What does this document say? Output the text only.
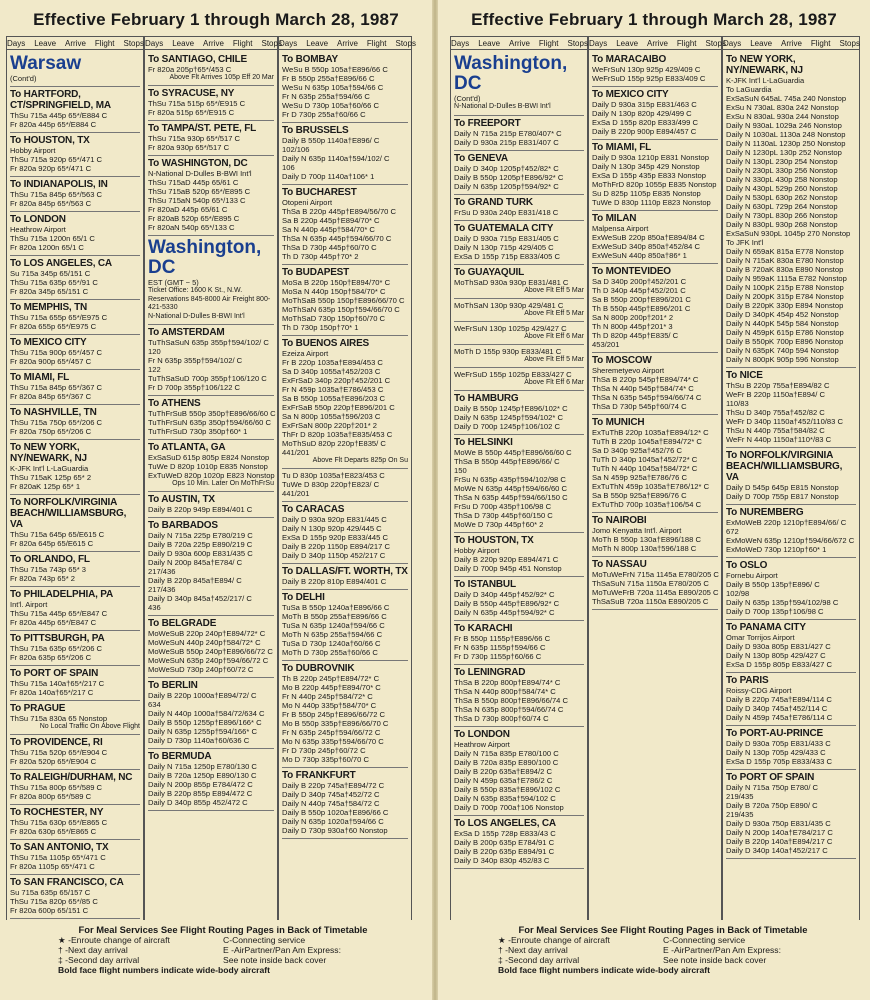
Effective February 1 through March 28, 1987
Days Leave Arrive Flight Stops Days Leave Arrive Flight Stops
Days Leave Arrive Flight Stops
Warsaw
(Cont'd)
To HARTFORD, CT/SPRINGFIELD, MA
ThSu 715a 445p 65*/E884 C
Fr 820a 445p 65*/E884 C
To HOUSTON, TX
Hobby Airport
ThSu 715a 920p 65*/471 C
Fr 820a 920p 65*/471 C
To INDIANAPOLIS, IN
ThSu 715a 845p 65*/563 C
Fr 820a 845p 65*/563 C
To LONDON
Heathrow Airport
ThSu 715a 1200n 65/1 C
Fr 820a 1200n 65/1 C
To LOS ANGELES, CA
Su 715a 345p 65/151 C
ThSu 715a 635p 65*/91 C
Fr 820a 345p 65/151 C
To MEMPHIS, TN
ThSu 715a 655p 65*/E975 C
Fr 820a 655p 65*/E975 C
To MEXICO CITY
ThSu 715a 900p 65*/457 C
Fr 820a 900p 65*/457 C
To MIAMI, FL
ThSu 715a 845p 65*/367 C
Fr 820a 845p 65*/367 C
To NASHVILLE, TN
ThSu 715a 750p 65*/206 C
Fr 820a 750p 65*/206 C
To NEW YORK, NY/NEWARK, NJ
K-JFK Int'l L-LaGuardia
ThSu 715aK 125p 65* 2
Fr 820aK 125p 65* 1
To NORFOLK/VIRGINIA BEACH/WILLIAMSBURG, VA
ThSu 715a 645p 65/E615 C
Fr 820a 645p 65/E615 C
To ORLANDO, FL
ThSu 715a 743p 65* 3
Fr 820a 743p 65* 2
To PHILADELPHIA, PA
Int'l. Airport
ThSu 715a 445p 65*/E847 C
Fr 820a 445p 65*/E847 C
To PITTSBURGH, PA
ThSu 715a 635p 65*/206 C
Fr 820a 635p 65*/206 C
To PORT OF SPAIN
ThSu 715a 140a†65*/217 C
Fr 820a 140a†65*/217 C
To PRAGUE
ThSu 715a 830a 65 Nonstop
No Local Traffic On Above Flight
To PROVIDENCE, RI
ThSu 715a 520p 65*/E904 C
Fr 820a 520p 65*/E904 C
To RALEIGH/DURHAM, NC
ThSu 715a 800p 65*/589 C
Fr 820a 800p 65*/589 C
To ROCHESTER, NY
ThSu 715a 630p 65*/E865 C
Fr 820a 630p 65*/E865 C
To SAN ANTONIO, TX
ThSu 715a 1105p 65*/471 C
Fr 820a 1105p 65*/471 C
To SAN FRANCISCO, CA
Su 715a 635p 65/157 C
ThSu 715a 820p 65*/85 C
Fr 820a 600p 65/151 C
To SANTIAGO, CHILE
Fr 820a 205p†65*/453 C
Above Flt Arrives 105p Eff 20 Mar
To SYRACUSE, NY
ThSu 715a 515p 65*/E915 C
Fr 820a 515p 65*/E915 C
To TAMPA/ST. PETE, FL
ThSu 715a 930p 65*/517 C
Fr 820a 930p 65*/517 C
To WASHINGTON, DC
N-National D-Dulles B-BWI Int'l
ThSu 715aD 445p 65/61 C
ThSu 715aB 520p 65*/E895 C
ThSu 715aN 540p 65*/133 C
Fr 820aD 445p 65/61 C
Fr 820aB 520p 65*/E895 C
Fr 820aN 540p 65*/133 C
Washington, DC
EST (GMT − 5)
Ticket Office: 1600 K St., N.W.
Reservations 845-8000 Air Freight 800-421-5330
N-National D-Dulles B-BWI Int'l
To AMSTERDAM
TuThSaSuN 635p 355p†594/102/ C
120
Fr N 635p 355p†594/102/ C
122
TuThSaSuD 700p 355p†106/120 C
Fr D 700p 355p†106/122 C
To ATHENS
TuThFrSuB 550p 350p†E896/66/60 C
TuThFrSuN 635p 350p†594/66/60 C
TuThFrSuD 730p 350p†60* 1
To ATLANTA, GA
ExSaSuD 615p 805p E824 Nonstop
TuWe D 820p 1010p E835 Nonstop
ExTuWeD 820p 1020p E823 Nonstop
Ops 10 Min. Later On MoThFrSu
To AUSTIN, TX
Daily B 220p 949p E894/401 C
To BARBADOS
Daily N 715a 225p E780/219 C
Daily B 720a 225p E890/219 C
Daily D 930a 600p E831/435 C
Daily N 200p 845a†E784/ C
217/436
Daily B 220p 845a†E894/ C
217/436
Daily D 340p 845a†452/217/ C
436
To BELGRADE
MoWeSuB 220p 240p†E894/72* C
MoWeSuN 440p 240p†584/72* C
MoWeSuB 550p 240p†E896/66/72 C
MoWeSuN 635p 240p†594/66/72 C
MoWeSuD 730p 240p†60/72 C
To BERLIN
Daily B 220p 1000a†E894/72/ C
634
Daily N 440p 1000a†584/72/634 C
Daily B 550p 1255p†E896/166* C
Daily N 635p 1255p†594/166* C
Daily D 730p 1140a†60/636 C
To BERMUDA
Daily N 715a 1250p E780/130 C
Daily B 720a 1250p E890/130 C
Daily N 200p 855p E784/472 C
Daily B 220p 855p E894/472 C
Daily D 340p 855p 452/472 C
To BOMBAY
WeSu B 550p 105a†E896/66 C
Fr B 550p 255a†E896/66 C
WeSu N 635p 105a†594/66 C
Fr N 635p 255a†594/66 C
WeSu D 730p 105a†60/66 C
Fr D 730p 255a†60/66 C
To BRUSSELS
Daily B 550p 1140a†E896/ C
102/106
Daily N 635p 1140a†594/102/ C
106
Daily D 700p 1140a†106* 1
To BUCHAREST
Otopeni Airport
ThSa B 220p 445p†E894/56/70 C
Sa B 220p 445p†E894/70* C
Sa N 440p 445p†584/70* C
ThSa N 635p 445p†594/66/70 C
ThSa D 730p 445p†60/70 C
Th D 730p 445p†70* 2
To BUDAPEST
MoSa B 220p 150p†E894/70* C
MoSa N 440p 150p†584/70* C
MoThSaB 550p 150p†E896/66/70 C
MoThSaN 635p 150p†594/66/70 C
MoThSaD 730p 150p†60/70 C
Th D 730p 150p†70* 1
To BUENOS AIRES
Ezeiza Airport
Fr B 220p 1035a†E894/453 C
Sa D 340p 1055a†452/203 C
ExFrSaD 340p 220p†452/201 C
Fr N 459p 1035a†E786/453 C
Sa B 550p 1055a†E896/203 C
ExFrSaB 550p 220p†E896/201 C
Sa N 800p 1055a†596/203 C
ExFrSaN 800p 220p†201* 2
ThFr D 820p 1035a†E835/453 C
MoThSuD 820p 220p†E835/ C
441/201
Above Flt Departs 825p On Su
Tu D 830p 1035a†E823/453 C
TuWe D 830p 220p†E823/ C
441/201
To CARACAS
Daily D 930a 920p E831/445 C
Daily N 130p 920p 429/445 C
ExSa D 155p 920p E833/445 C
Daily B 220p 1150p E894/217 C
Daily D 340p 1150p 452/217 C
To DALLAS/FT. WORTH, TX
Daily B 220p 810p E894/401 C
To DELHI
TuSa B 550p 1240a†E896/66 C
MoTh B 550p 255a†E896/66 C
TuSa N 635p 1240a†594/66 C
MoTh N 635p 255a†594/66 C
TuSa D 730p 1240a†60/66 C
MoTh D 730p 255a†60/66 C
To DUBROVNIK
Th B 220p 245p†E894/72* C
Mo B 220p 445p†E894/70* C
Fr N 440p 245p†584/72* C
Mo N 440p 335p†584/70* C
Fr B 550p 245p†E896/66/72 C
Mo B 550p 335p†E896/66/70 C
Fr N 635p 245p†594/66/72 C
Mo N 635p 335p†594/66/70 C
Fr D 730p 245p†60/72 C
Mo D 730p 335p†60/70 C
To FRANKFURT
Daily B 220p 745a†E894/72 C
Daily D 340p 745a†452/72 C
Daily N 440p 745a†584/72 C
Daily B 550p 1020a†E896/66 C
Daily N 635p 1020a†594/66 C
Daily D 730p 930a†60 Nonstop
For Meal Services See Flight Routing Pages in Back of Timetable
★ -Enroute change of aircraft	C-Connecting service
† -Next day arrival	E -AirPartner/Pan Am Express:
‡ -Second day arrival	See note inside back cover
Bold face flight numbers indicate wide-body aircraft
Effective February 1 through March 28, 1987
Days Leave Arrive Flight Stops Days Leave Arrive Flight Stops
Days Leave Arrive Flight Stops
Washington, DC
(Cont'd)
N-National D-Dulles B-BWI Int'l
To FREEPORT
Daily N 715a 215p E780/407* C
Daily D 930a 215p E831/407 C
To GENEVA
Daily D 340p 1205p†452/82* C
Daily B 550p 1205p†E896/92* C
Daily N 635p 1205p†594/92* C
To GRAND TURK
FrSu D 930a 240p E831/418 C
To GUATEMALA CITY
Daily D 930a 715p E831/405 C
Daily N 130p 715p 429/405 C
ExSa D 155p 715p E833/405 C
To GUAYAQUIL
MoThSaD 930a 930p E831/481 C
Above Flt Eff 5 Mar
MoThSaN 130p 930p 429/481 C
Above Flt Eff 5 Mar
WeFrSuN 130p 1025p 429/427 C
Above Flt Eff 6 Mar
MoTh D 155p 930p E833/481 C
Above Flt Eff 5 Mar
WeFrSuD 155p 1025p E833/427 C
Above Flt Eff 6 Mar
To HAMBURG
Daily B 550p 1245p†E896/102* C
Daily N 635p 1245p†594/102* C
Daily D 700p 1245p†106/102 C
To HELSINKI
MoWe B 550p 445p†E896/66/60 C
ThSa B 550p 445p†E896/66/ C
150
FrSu N 635p 435p†594/102/98 C
MoWe N 635p 445p†594/66/60 C
ThSa N 635p 445p†594/66/150 C
FrSu D 700p 435p†106/98 C
ThSa D 730p 445p†60/150 C
MoWe D 730p 445p†60* 2
To HOUSTON, TX
Hobby Airport
Daily B 220p 920p E894/471 C
Daily D 700p 945p 451 Nonstop
To ISTANBUL
Daily D 340p 445p†452/92* C
Daily B 550p 445p†E896/92* C
Daily N 635p 445p†594/92* C
To KARACHI
Fr B 550p 1155p†E896/66 C
Fr N 635p 1155p†594/66 C
Fr D 730p 1155p†60/66 C
To LENINGRAD
ThSa B 220p 800p†E894/74* C
ThSa N 440p 800p†584/74* C
ThSa B 550p 800p†E896/66/74 C
ThSa N 635p 800p†594/66/74 C
ThSa D 730p 800p†60/74 C
To LONDON
Heathrow Airport
Daily N 715a 835p E780/100 C
Daily B 720a 835p E890/100 C
Daily B 220p 635a†E894/2 C
Daily N 459p 635a†E786/2 C
Daily B 550p 835a†E896/102 C
Daily N 635p 835a†594/102 C
Daily D 700p 700a†106 Nonstop
To LOS ANGELES, CA
ExSa D 155p 728p E833/43 C
Daily B 200p 635p E784/91 C
Daily B 220p 635p E894/91 C
Daily D 340p 830p 452/83 C
To MARACAIBO
WeFrSuN 130p 925p 429/409 C
WeFrSuD 155p 925p E833/409 C
To MEXICO CITY
Daily D 930a 315p E831/463 C
Daily N 130p 820p 429/499 C
ExSa D 155p 820p E833/499 C
Daily B 220p 900p E894/457 C
To MIAMI, FL
Daily D 930a 1210p E831 Nonstop
Daily N 130p 345p 429 Nonstop
ExSa D 155p 435p E833 Nonstop
MoThFrD 820p 1055p E835 Nonstop
Su D 825p 1105p E835 Nonstop
TuWe D 830p 1110p E823 Nonstop
To MILAN
Malpensa Airport
ExWeSuB 220p 850a†E894/84 C
ExWeSuD 340p 850a†452/84 C
ExWeSuN 440p 850a†86* 1
To MONTEVIDEO
Sa D 340p 200p†452/201 C
Th D 340p 445p†452/201 C
Sa B 550p 200p†E896/201 C
Th B 550p 445p†E896/201 C
Sa N 800p 200p†201* 2
Th N 800p 445p†201* 3
Th D 820p 445p†E835/ C
453/201
To MOSCOW
Sheremetyevo Airport
ThSa B 220p 545p†E894/74* C
ThSa N 440p 545p†584/74* C
ThSa N 635p 545p†594/66/74 C
ThSa D 730p 545p†60/74 C
To MUNICH
ExTuThB 220p 1035a†E894/12* C
TuTh B 220p 1045a†E894/72* C
Sa D 340p 925a†452/76 C
TuTh D 340p 1045a†452/72* C
TuTh N 440p 1045a†584/72* C
Sa N 459p 925a†E786/76 C
ExTuThN 459p 1035a†E786/12* C
Sa B 550p 925a†E896/76 C
ExTuThD 700p 1035a†106/54 C
To NAIROBI
Jomo Kenyatta Int'l. Airport
MoTh B 550p 130a†E896/188 C
MoTh N 800p 130a†596/188 C
To NASSAU
MoTuWeFrN 715a 1145a E780/205 C
ThSaSuN 715a 1150a E780/205 C
MoTuWeFrB 720a 1145a E890/205 C
ThSaSuB 720a 1150a E890/205 C
To NEW YORK, NY/NEWARK, NJ
K-JFK Int'l L-LaGuardia
To LaGuardia
ExSaSuN 645aL 745a 240 Nonstop
ExSu N 730aL 830a 242 Nonstop
ExSu N 830aL 930a 244 Nonstop
Daily N 930aL 1029a 246 Nonstop
Daily N 1030aL 1130a 248 Nonstop
Daily N 1130aL 1230p 250 Nonstop
Daily N 1230pL 130p 252 Nonstop
Daily N 130pL 230p 254 Nonstop
Daily N 230pL 330p 256 Nonstop
Daily N 330pL 430p 258 Nonstop
Daily N 430pL 529p 260 Nonstop
Daily N 530pL 630p 262 Nonstop
Daily N 630pL 729p 264 Nonstop
Daily N 730pL 830p 266 Nonstop
Daily N 830pL 930p 268 Nonstop
ExSaSuN 930pL 1045p 270 Nonstop
To JFK Int'l
Daily N 659aK 815a E778 Nonstop
Daily N 715aK 830a E780 Nonstop
Daily B 720aK 830a E890 Nonstop
Daily N 959aK 1115a E782 Nonstop
Daily N 100pK 215p E788 Nonstop
Daily N 200pK 315p E784 Nonstop
Daily B 220pK 330p E894 Nonstop
Daily D 340pK 454p 452 Nonstop
Daily N 440pK 545p 584 Nonstop
Daily N 459pK 615p E786 Nonstop
Daily B 550pK 700p E896 Nonstop
Daily N 635pK 740p 594 Nonstop
Daily N 800pK 905p 596 Nonstop
To NICE
ThSu B 220p 755a†E894/82 C
WeFr B 220p 1150a†E894/ C
110/83
ThSu D 340p 755a†452/82 C
WeFr D 340p 1150a†452/110/83 C
ThSu N 440p 755a†584/82 C
WeFr N 440p 1150a†110*/83 C
To NORFOLK/VIRGINIA BEACH/WILLIAMSBURG, VA
Daily D 545p 645p E815 Nonstop
Daily D 700p 755p E817 Nonstop
To NUREMBERG
ExMoWeB 220p 1210p†E894/66/ C
672
ExMoWeN 635p 1210p†594/66/672 C
ExMoWeD 730p 1210p†60* 1
To OSLO
Fornebu Airport
Daily B 550p 135p†E896/ C
102/98
Daily N 635p 135p†594/102/98 C
Daily D 700p 135p†106/98 C
To PANAMA CITY
Omar Torrijos Airport
Daily D 930a 805p E831/427 C
Daily N 130p 805p 429/427 C
ExSa D 155p 805p E833/427 C
To PARIS
Roissy-CDG Airport
Daily B 220p 745a†E894/114 C
Daily D 340p 745a†452/114 C
Daily N 459p 745a†E786/114 C
To PORT-AU-PRINCE
Daily D 930a 705p E831/433 C
Daily N 130p 705p 429/433 C
ExSa D 155p 705p E833/433 C
To PORT OF SPAIN
Daily N 715a 750p E780/ C
219/435
Daily B 720a 750p E890/ C
219/435
Daily D 930a 750p E831/435 C
Daily N 200p 140a†E784/217 C
Daily B 220p 140a†E894/217 C
Daily D 340p 140a†452/217 C
For Meal Services See Flight Routing Pages in Back of Timetable
★ -Enroute change of aircraft	C-Connecting service
† -Next day arrival	E -AirPartner/Pan Am Express:
‡ -Second day arrival	See note inside back cover
Bold face flight numbers indicate wide-body aircraft
